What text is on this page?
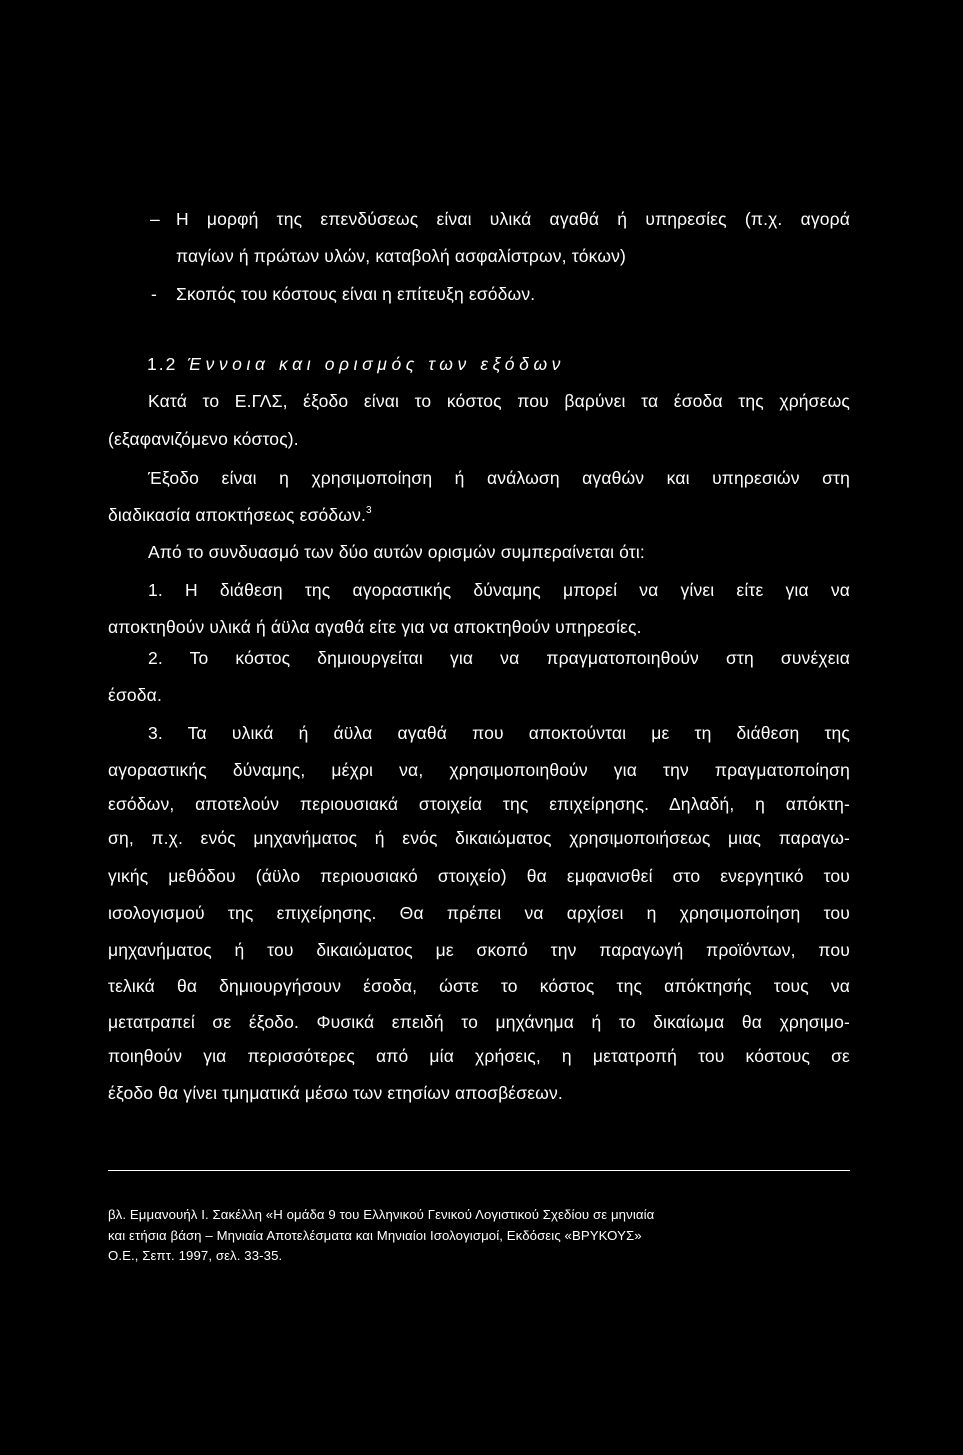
– Η μορφή της επενδύσεως είναι υλικά αγαθά ή υπηρεσίες (π.χ. αγορά
παγίων ή πρώτων υλών, καταβολή ασφαλίστρων, τόκων)
- Σκοπός του κόστους είναι η επίτευξη εσόδων.
1.2 Έννοια και ορισμός των εξόδων
Κατά το Ε.ΓΛΣ, έξοδο είναι το κόστος που βαρύνει τα έσοδα της χρήσεως
(εξαφανιζόμενο κόστος).
Έξοδο είναι η χρησιμοποίηση ή ανάλωση αγαθών και υπηρεσιών στη
διαδικασία αποκτήσεως εσόδων.$^3$
Από το συνδυασμό των δύο αυτών ορισμών συμπεραίνεται ότι:
1. Η διάθεση της αγοραστικής δύναμης μπορεί να γίνει είτε για να
αποκτηθούν υλικά ή άϋλα αγαθά είτε για να αποκτηθούν υπηρεσίες.
2. Το κόστος δημιουργείται για να πραγματοποιηθούν στη συνέχεια
έσοδα.
3. Τα υλικά ή άϋλα αγαθά που αποκτούνται με τη διάθεση της
αγοραστικής δύναμης, μέχρι να, χρησιμοποιηθούν για την πραγματοποίηση
εσόδων, αποτελούν περιουσιακά στοιχεία της επιχείρησης. Δηλαδή, η απόκτη-
ση, π.χ. ενός μηχανήματος ή ενός δικαιώματος χρησιμοποιήσεως μιας παραγω-
γικής μεθόδου (άϋλο περιουσιακό στοιχείο) θα εμφανισθεί στο ενεργητικό του
ισολογισμού της επιχείρησης. Θα πρέπει να αρχίσει η χρησιμοποίηση του
μηχανήματος ή του δικαιώματος με σκοπό την παραγωγή προϊόντων, που
τελικά θα δημιουργήσουν έσοδα, ώστε το κόστος της απόκτησής τους να
μετατραπεί σε έξοδο. Φυσικά επειδή το μηχάνημα ή το δικαίωμα θα χρησιμο-
ποιηθούν για περισσότερες από μία χρήσεις, η μετατροπή του κόστους σε
έξοδο θα γίνει τμηματικά μέσω των ετησίων αποσβέσεων.
βλ. Εμμανουήλ Ι. Σακέλλη «Η ομάδα 9 του Ελληνικού Γενικού Λογιστικού Σχεδίου σε μηνιαία
και ετήσια βάση – Μηνιαία Αποτελέσματα και Μηνιαίοι Ισολογισμοί, Εκδόσεις «ΒΡΥΚΟΥΣ»
Ο.Ε., Σεπτ. 1997, σελ. 33-35.
